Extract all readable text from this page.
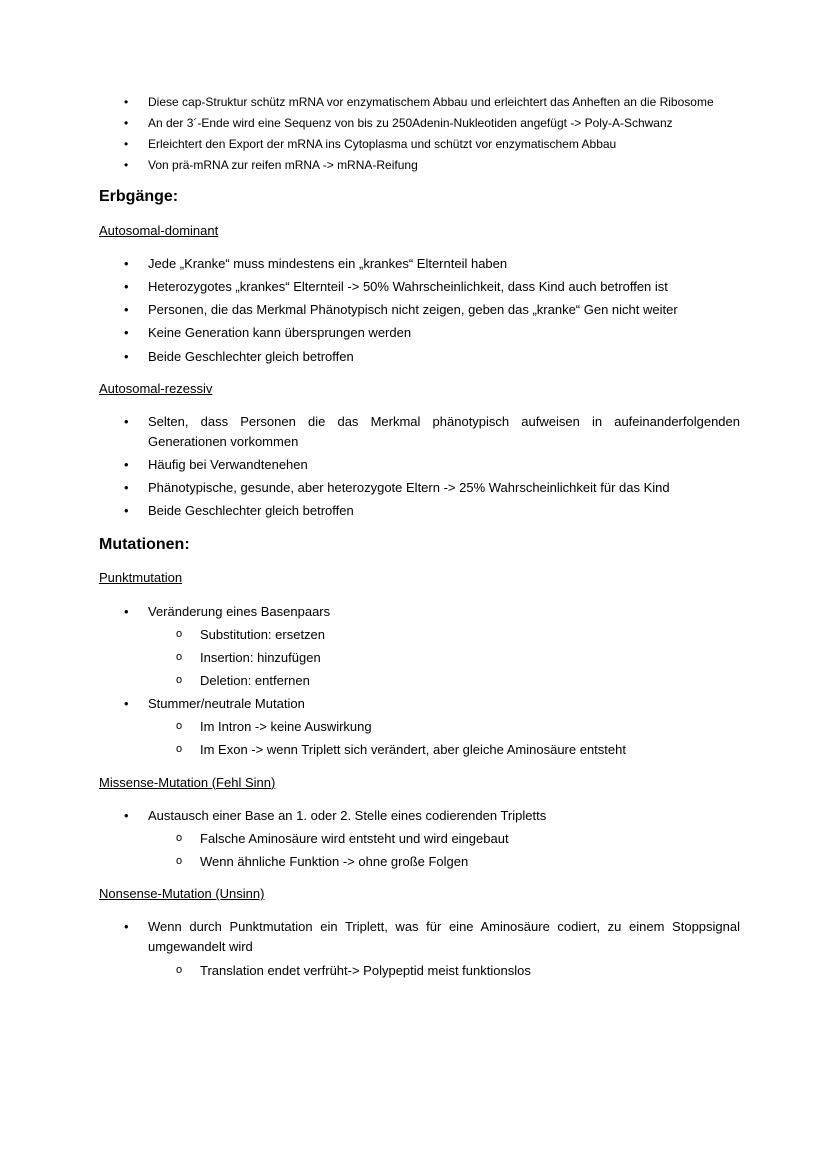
• Diese cap-Struktur schütz mRNA vor enzymatischem Abbau und erleichtert das Anheften an die Ribosome
• An der 3´-Ende wird eine Sequenz von bis zu 250Adenin-Nukleotiden angefügt -> Poly-A-Schwanz
• Erleichtert den Export der mRNA ins Cytoplasma und schützt vor enzymatischem Abbau
• Von prä-mRNA zur reifen mRNA -> mRNA-Reifung
Erbgänge:
Autosomal-dominant
• Jede „Kranke“ muss mindestens ein „krankes“ Elternteil haben
• Heterozygotes „krankes“ Elternteil -> 50% Wahrscheinlichkeit, dass Kind auch betroffen ist
• Personen, die das Merkmal Phänotypisch nicht zeigen, geben das „kranke“ Gen nicht weiter
• Keine Generation kann übersprungen werden
• Beide Geschlechter gleich betroffen
Autosomal-rezessiv
• Selten, dass Personen die das Merkmal phänotypisch aufweisen in aufeinanderfolgenden Generationen vorkommen
• Häufig bei Verwandtenehen
• Phänotypische, gesunde, aber heterozygote Eltern -> 25% Wahrscheinlichkeit für das Kind
• Beide Geschlechter gleich betroffen
Mutationen:
Punktmutation
• Veränderung eines Basenpaars
o Substitution: ersetzen
o Insertion: hinzufügen
o Deletion: entfernen
• Stummer/neutrale Mutation
o Im Intron -> keine Auswirkung
o Im Exon -> wenn Triplett sich verändert, aber gleiche Aminosäure entsteht
Missense-Mutation (Fehl Sinn)
• Austausch einer Base an 1. oder 2. Stelle eines codierenden Tripletts
o Falsche Aminosäure wird entsteht und wird eingebaut
o Wenn ähnliche Funktion -> ohne große Folgen
Nonsense-Mutation (Unsinn)
• Wenn durch Punktmutation ein Triplett, was für eine Aminosäure codiert, zu einem Stoppsignal umgewandelt wird
o Translation endet verfrüht-> Polypeptid meist funktionslos
